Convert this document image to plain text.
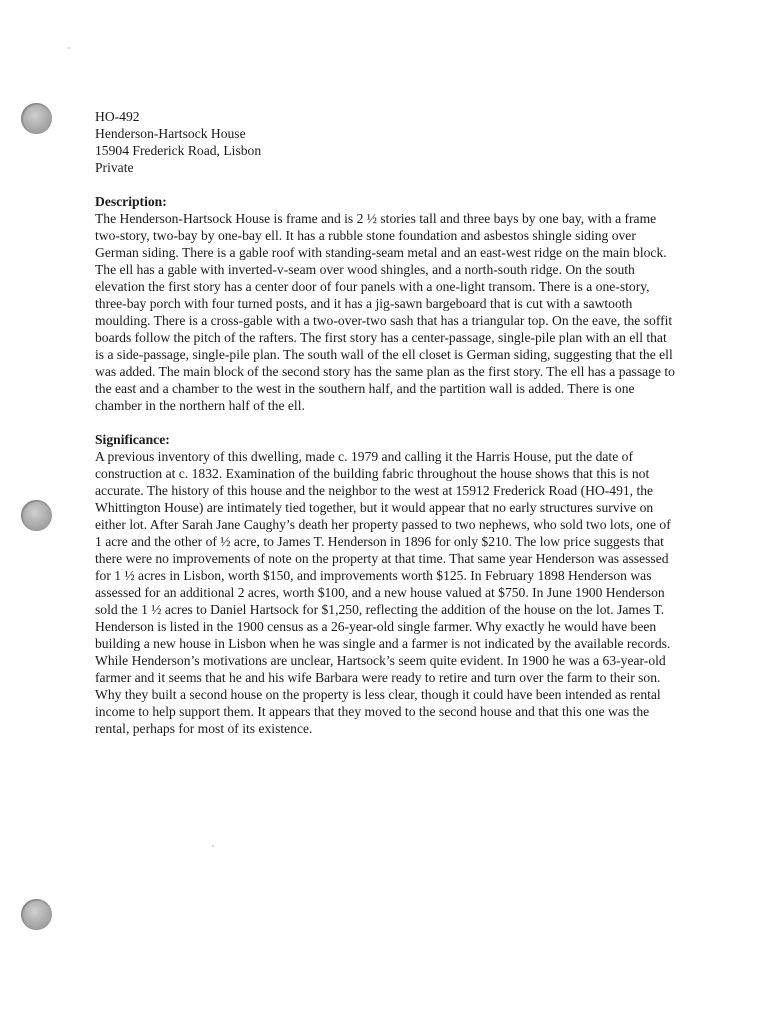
HO-492
Henderson-Hartsock House
15904 Frederick Road, Lisbon
Private
Description:

The Henderson-Hartsock House is frame and is 2 ½ stories tall and three bays by one bay, with a frame two-story, two-bay by one-bay ell. It has a rubble stone foundation and asbestos shingle siding over German siding. There is a gable roof with standing-seam metal and an east-west ridge on the main block. The ell has a gable with inverted-v-seam over wood shingles, and a north-south ridge. On the south elevation the first story has a center door of four panels with a one-light transom. There is a one-story, three-bay porch with four turned posts, and it has a jig-sawn bargeboard that is cut with a sawtooth moulding. There is a cross-gable with a two-over-two sash that has a triangular top. On the eave, the soffit boards follow the pitch of the rafters. The first story has a center-passage, single-pile plan with an ell that is a side-passage, single-pile plan. The south wall of the ell closet is German siding, suggesting that the ell was added. The main block of the second story has the same plan as the first story. The ell has a passage to the east and a chamber to the west in the southern half, and the partition wall is added. There is one chamber in the northern half of the ell.

Significance:

A previous inventory of this dwelling, made c. 1979 and calling it the Harris House, put the date of construction at c. 1832. Examination of the building fabric throughout the house shows that this is not accurate. The history of this house and the neighbor to the west at 15912 Frederick Road (HO-491, the Whittington House) are intimately tied together, but it would appear that no early structures survive on either lot. After Sarah Jane Caughy’s death her property passed to two nephews, who sold two lots, one of 1 acre and the other of ½ acre, to James T. Henderson in 1896 for only $210. The low price suggests that there were no improvements of note on the property at that time. That same year Henderson was assessed for 1 ½ acres in Lisbon, worth $150, and improvements worth $125. In February 1898 Henderson was assessed for an additional 2 acres, worth $100, and a new house valued at $750. In June 1900 Henderson sold the 1 ½ acres to Daniel Hartsock for $1,250, reflecting the addition of the house on the lot. James T. Henderson is listed in the 1900 census as a 26-year-old single farmer. Why exactly he would have been building a new house in Lisbon when he was single and a farmer is not indicated by the available records. While Henderson’s motivations are unclear, Hartsock’s seem quite evident. In 1900 he was a 63-year-old farmer and it seems that he and his wife Barbara were ready to retire and turn over the farm to their son. Why they built a second house on the property is less clear, though it could have been intended as rental income to help support them. It appears that they moved to the second house and that this one was the rental, perhaps for most of its existence.
